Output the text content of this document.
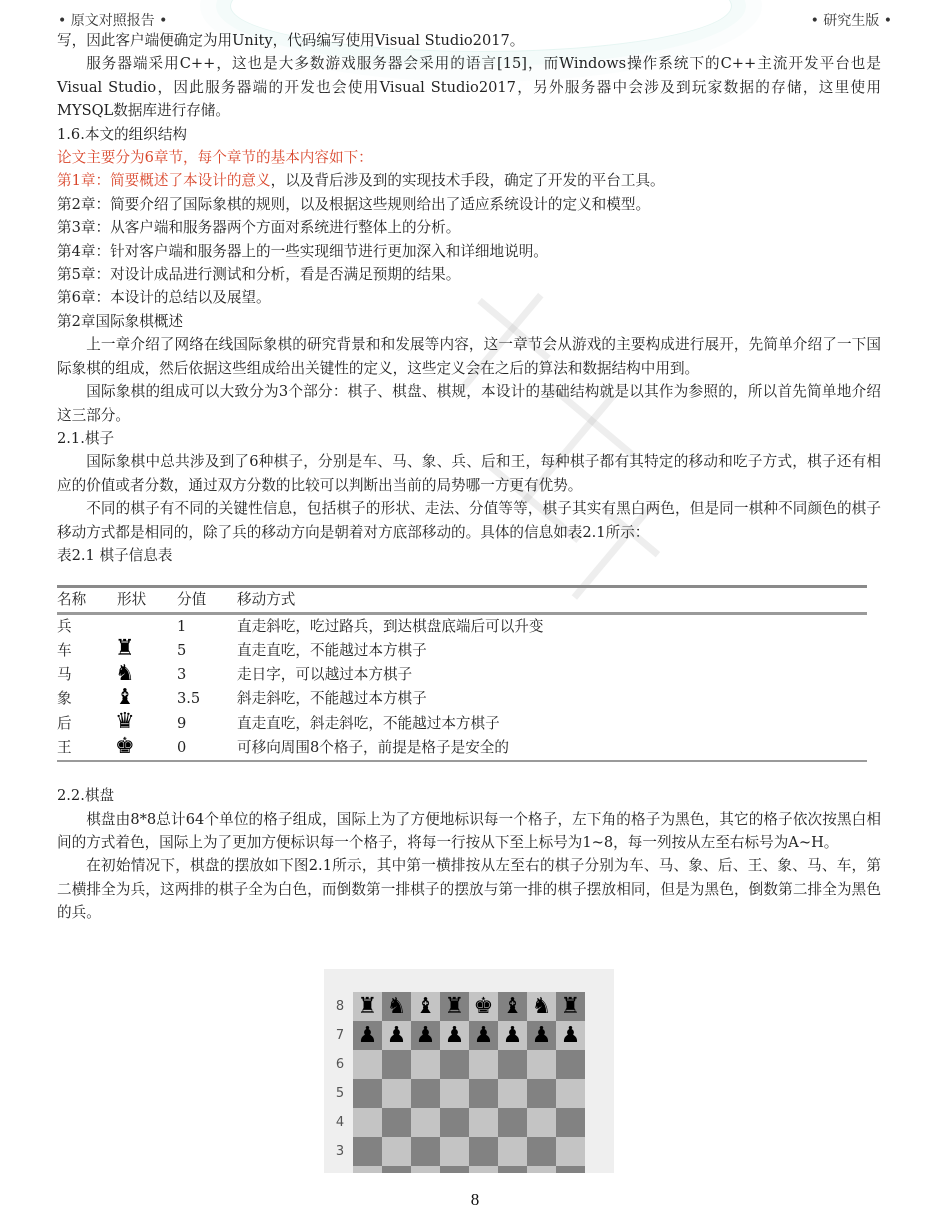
• 原文对照报告 •	• 研究生版 •

写，因此客户端便确定为用Unity，代码编写使用Visual Studio2017。

服务器端采用C++，这也是大多数游戏服务器会采用的语言[15]，而Windows操作系统下的C++主流开发平台也是Visual Studio，因此服务器端的开发也会使用Visual Studio2017，另外服务器中会涉及到玩家数据的存储，这里使用MYSQL数据库进行存储。

1.6.本文的组织结构

论文主要分为6章节，每个章节的基本内容如下：

第1章：简要概述了本设计的意义，以及背后涉及到的实现技术手段，确定了开发的平台工具。

第2章：简要介绍了国际象棋的规则，以及根据这些规则给出了适应系统设计的定义和模型。

第3章：从客户端和服务器两个方面对系统进行整体上的分析。

第4章：针对客户端和服务器上的一些实现细节进行更加深入和详细地说明。

第5章：对设计成品进行测试和分析，看是否满足预期的结果。

第6章：本设计的总结以及展望。

第2章国际象棋概述

上一章介绍了网络在线国际象棋的研究背景和和发展等内容，这一章节会从游戏的主要构成进行展开，先简单介绍了一下国际象棋的组成，然后依据这些组成给出关键性的定义，这些定义会在之后的算法和数据结构中用到。

国际象棋的组成可以大致分为3个部分：棋子、棋盘、棋规，本设计的基础结构就是以其作为参照的，所以首先简单地介绍这三部分。

2.1.棋子

国际象棋中总共涉及到了6种棋子，分别是车、马、象、兵、后和王，每种棋子都有其特定的移动和吃子方式，棋子还有相应的价值或者分数，通过双方分数的比较可以判断出当前的局势哪一方更有优势。

不同的棋子有不同的关键性信息，包括棋子的形状、走法、分值等等，棋子其实有黑白两色，但是同一棋种不同颜色的棋子移动方式都是相同的，除了兵的移动方向是朝着对方底部移动的。具体的信息如表2.1所示：

表2.1 棋子信息表

名称	形状	分值	移动方式
兵		1	直走斜吃，吃过路兵，到达棋盘底端后可以升变
车	♜	5	直走直吃，不能越过本方棋子
马	♞	3	走日字，可以越过本方棋子
象	♝	3.5	斜走斜吃，不能越过本方棋子
后	♛	9	直走直吃，斜走斜吃，不能越过本方棋子
王	♚	0	可移向周围8个格子，前提是格子是安全的

2.2.棋盘

棋盘由8*8总计64个单位的格子组成，国际上为了方便地标识每一个格子，左下角的格子为黑色，其它的格子依次按黑白相间的方式着色，国际上为了更加方便标识每一个格子，将每一行按从下至上标号为1~8，每一列按从左至右标号为A~H。

在初始情况下，棋盘的摆放如下图2.1所示，其中第一横排按从左至右的棋子分别为车、马、象、后、王、象、马、车，第二横排全为兵，这两排的棋子全为白色，而倒数第一排棋子的摆放与第一排的棋子摆放相同，但是为黑色，倒数第二排全为黑色的兵。

8
7
6
5
4
3
♜ ♞ ♝ ♜ ♚ ♝ ♞ ♜
♟ ♟ ♟ ♟ ♟ ♟ ♟ ♟
8
